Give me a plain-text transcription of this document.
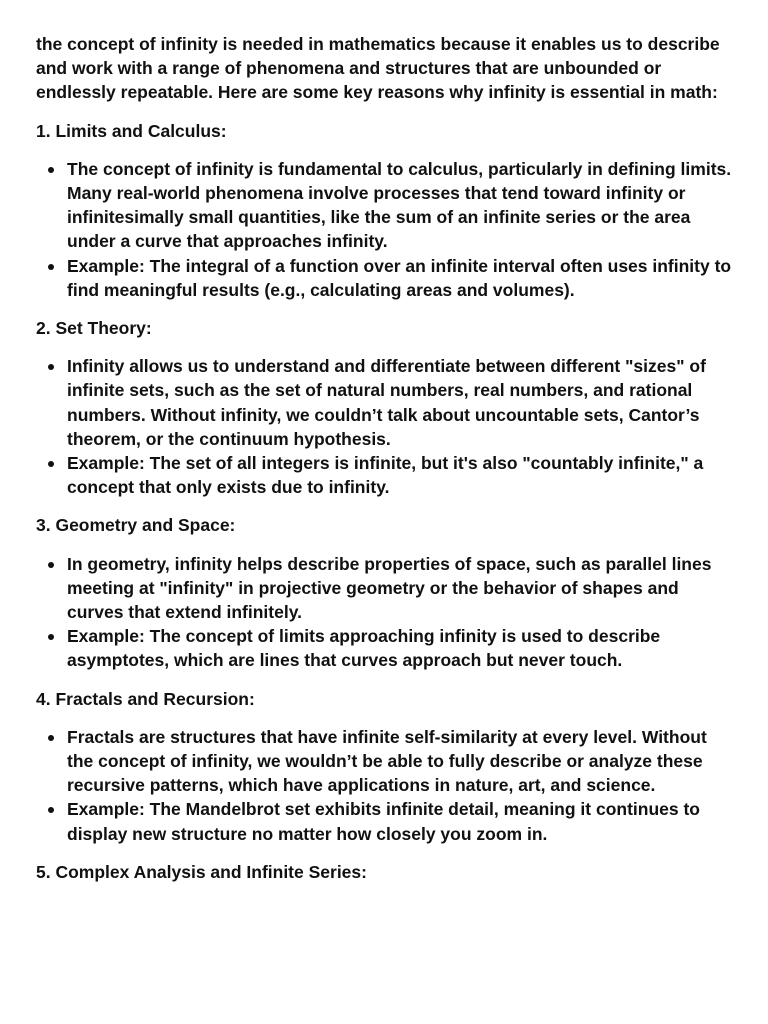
the concept of infinity is needed in mathematics because it enables us to describe and work with a range of phenomena and structures that are unbounded or endlessly repeatable. Here are some key reasons why infinity is essential in math:

1. Limits and Calculus:

The concept of infinity is fundamental to calculus, particularly in defining limits. Many real-world phenomena involve processes that tend toward infinity or infinitesimally small quantities, like the sum of an infinite series or the area under a curve that approaches infinity.
Example: The integral of a function over an infinite interval often uses infinity to find meaningful results (e.g., calculating areas and volumes).

2. Set Theory:

Infinity allows us to understand and differentiate between different "sizes" of infinite sets, such as the set of natural numbers, real numbers, and rational numbers. Without infinity, we couldn’t talk about uncountable sets, Cantor’s theorem, or the continuum hypothesis.
Example: The set of all integers is infinite, but it's also "countably infinite," a concept that only exists due to infinity.

3. Geometry and Space:

In geometry, infinity helps describe properties of space, such as parallel lines meeting at "infinity" in projective geometry or the behavior of shapes and curves that extend infinitely.
Example: The concept of limits approaching infinity is used to describe asymptotes, which are lines that curves approach but never touch.

4. Fractals and Recursion:

Fractals are structures that have infinite self-similarity at every level. Without the concept of infinity, we wouldn’t be able to fully describe or analyze these recursive patterns, which have applications in nature, art, and science.
Example: The Mandelbrot set exhibits infinite detail, meaning it continues to display new structure no matter how closely you zoom in.

5. Complex Analysis and Infinite Series:
